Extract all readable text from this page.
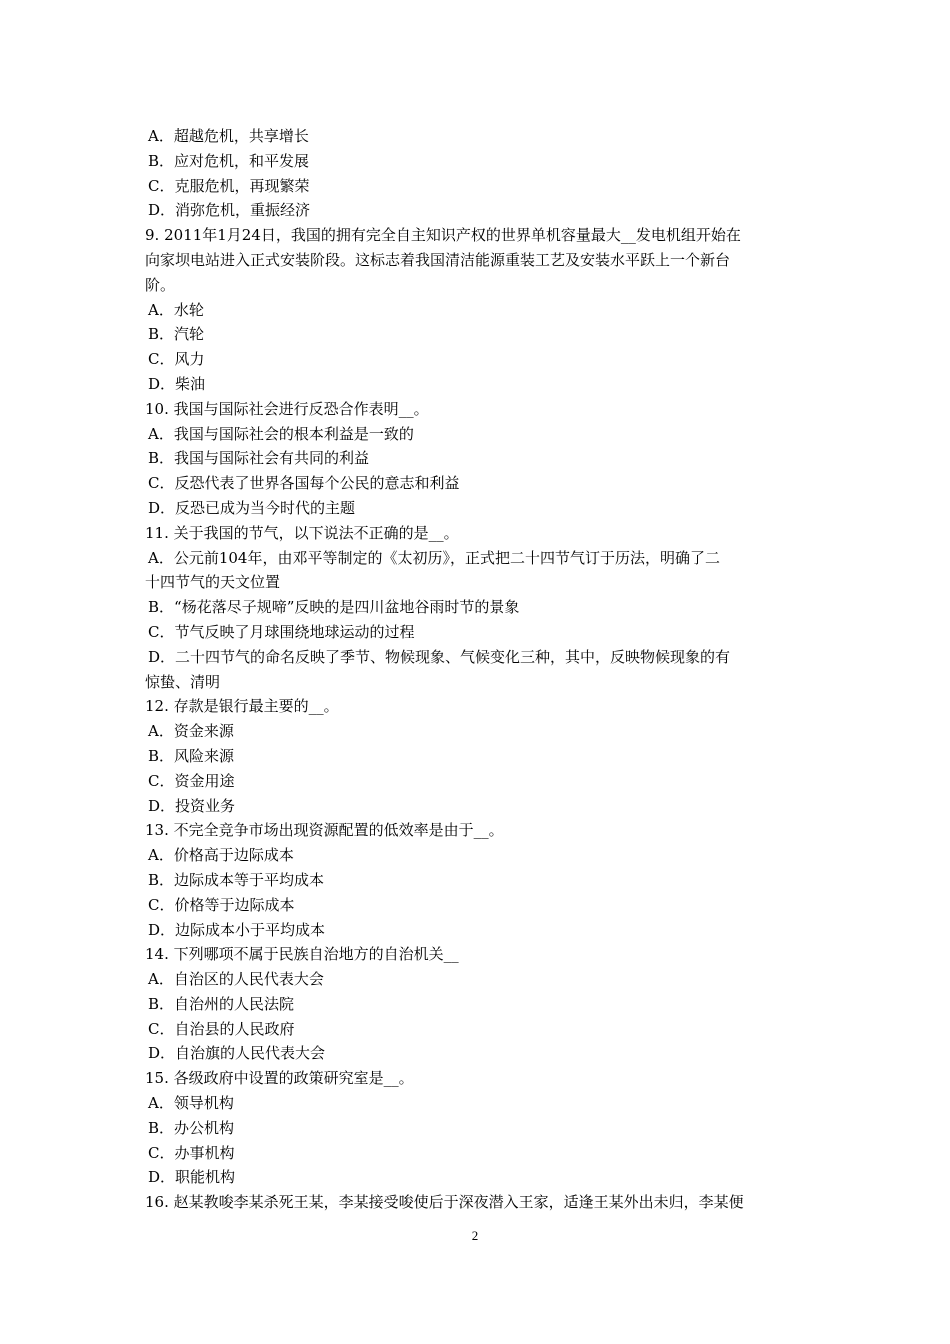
A．超越危机，共享增长
B．应对危机，和平发展
C．克服危机，再现繁荣
D．消弥危机，重振经济
9. 2011年1月24日，我国的拥有完全自主知识产权的世界单机容量最大__发电机组开始在
向家坝电站进入正式安装阶段。这标志着我国清洁能源重装工艺及安装水平跃上一个新台
阶。
A．水轮
B．汽轮
C．风力
D．柴油
10. 我国与国际社会进行反恐合作表明__。
A．我国与国际社会的根本利益是一致的
B．我国与国际社会有共同的利益
C．反恐代表了世界各国每个公民的意志和利益
D．反恐已成为当今时代的主题
11. 关于我国的节气，以下说法不正确的是__。
A．公元前104年，由邓平等制定的《太初历》，正式把二十四节气订于历法，明确了二
十四节气的天文位置
B．“杨花落尽子规啼”反映的是四川盆地谷雨时节的景象
C．节气反映了月球围绕地球运动的过程
D．二十四节气的命名反映了季节、物候现象、气候变化三种，其中，反映物候现象的有
惊蛰、清明
12. 存款是银行最主要的__。
A．资金来源
B．风险来源
C．资金用途
D．投资业务
13. 不完全竞争市场出现资源配置的低效率是由于__。
A．价格高于边际成本
B．边际成本等于平均成本
C．价格等于边际成本
D．边际成本小于平均成本
14. 下列哪项不属于民族自治地方的自治机关__
A．自治区的人民代表大会
B．自治州的人民法院
C．自治县的人民政府
D．自治旗的人民代表大会
15. 各级政府中设置的政策研究室是__。
A．领导机构
B．办公机构
C．办事机构
D．职能机构
16. 赵某教唆李某杀死王某，李某接受唆使后于深夜潜入王家，适逢王某外出未归，李某便
2
